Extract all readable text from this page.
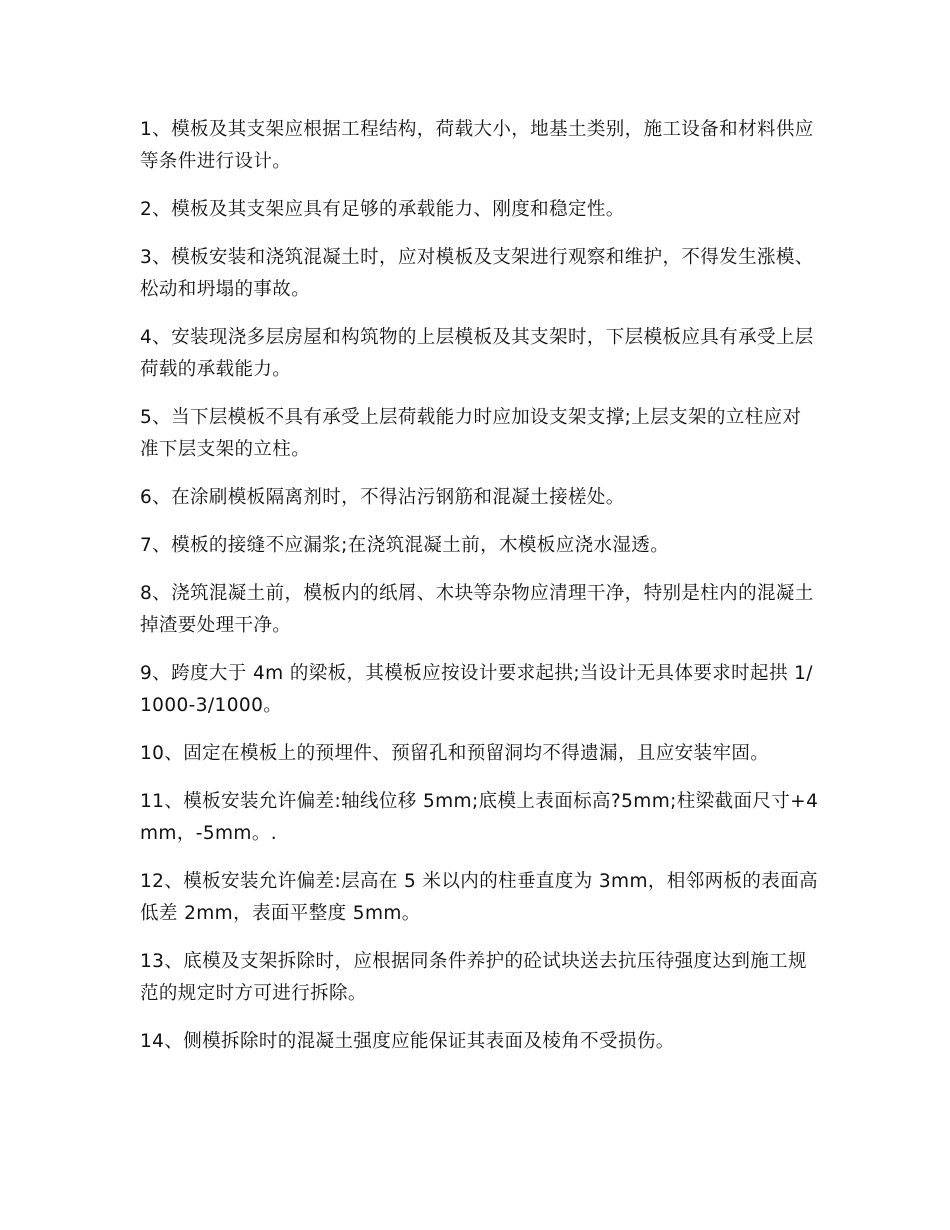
1、模板及其支架应根据工程结构，荷载大小，地基土类别，施工设备和材料供应等条件进行设计。

2、模板及其支架应具有足够的承载能力、刚度和稳定性。

3、模板安装和浇筑混凝土时，应对模板及支架进行观察和维护，不得发生涨模、松动和坍塌的事故。

4、安装现浇多层房屋和构筑物的上层模板及其支架时，下层模板应具有承受上层荷载的承载能力。

5、当下层模板不具有承受上层荷载能力时应加设支架支撑;上层支架的立柱应对准下层支架的立柱。

6、在涂刷模板隔离剂时，不得沾污钢筋和混凝土接槎处。

7、模板的接缝不应漏浆;在浇筑混凝土前，木模板应浇水湿透。

8、浇筑混凝土前，模板内的纸屑、木块等杂物应清理干净，特别是柱内的混凝土掉渣要处理干净。

9、跨度大于 4m 的梁板，其模板应按设计要求起拱;当设计无具体要求时起拱 1/1000-3/1000。

10、固定在模板上的预埋件、预留孔和预留洞均不得遗漏，且应安装牢固。

11、模板安装允许偏差:轴线位移 5mm;底模上表面标高?5mm;柱梁截面尺寸+4mm，-5mm。.

12、模板安装允许偏差:层高在 5 米以内的柱垂直度为 3mm，相邻两板的表面高低差 2mm，表面平整度 5mm。

13、底模及支架拆除时，应根据同条件养护的砼试块送去抗压待强度达到施工规范的规定时方可进行拆除。

14、侧模拆除时的混凝土强度应能保证其表面及棱角不受损伤。
